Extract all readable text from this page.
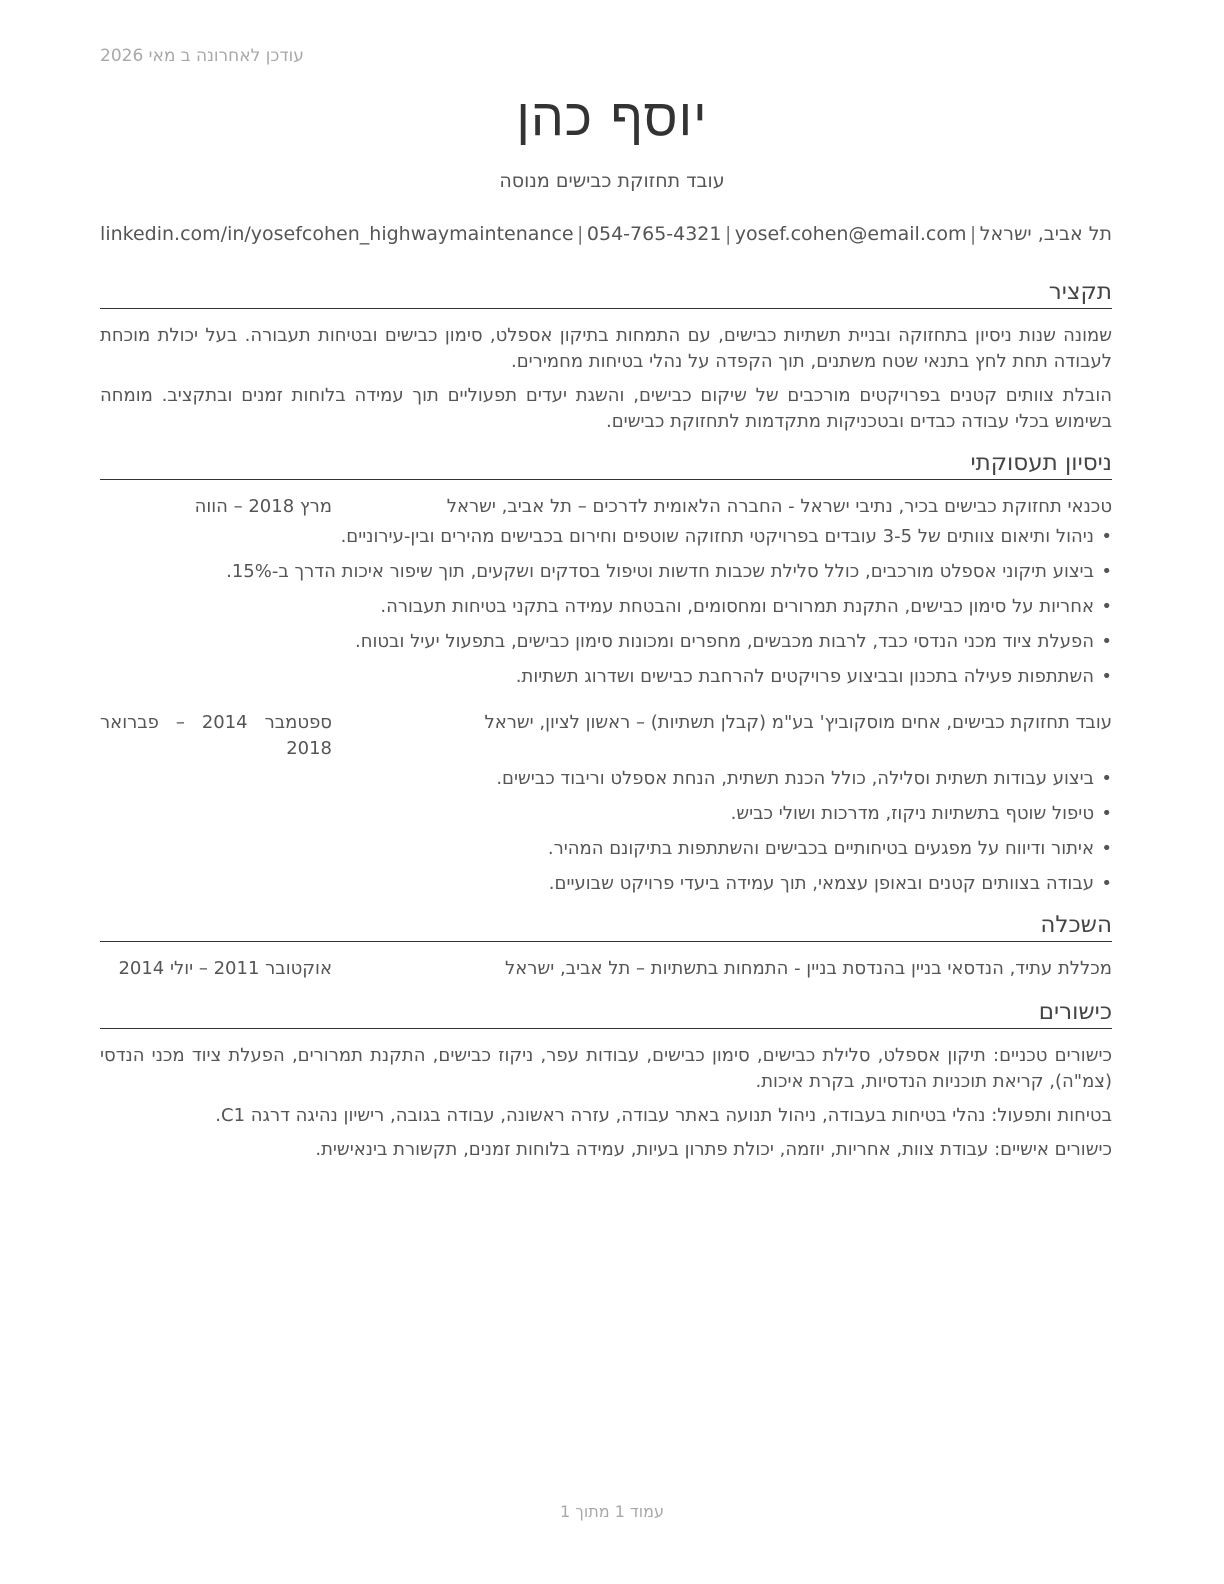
עודכן לאחרונה ב מאי 2026
יוסף כהן
עובד תחזוקת כבישים מנוסה
תל אביב, ישראל
|
yosef.cohen@email.com
|
054-765-4321
|
linkedin.com/in/yosefcohen_highwaymaintenance
תקציר

שמונה שנות ניסיון בתחזוקה ובניית תשתיות כבישים, עם התמחות בתיקון אספלט, סימון כבישים ובטיחות תעבורה. בעל יכולת מוכחת לעבודה תחת לחץ בתנאי שטח משתנים, תוך הקפדה על נהלי בטיחות מחמירים.

הובלת צוותים קטנים בפרויקטים מורכבים של שיקום כבישים, והשגת יעדים תפעוליים תוך עמידה בלוחות זמנים ובתקציב. מומחה בשימוש בכלי עבודה כבדים ובטכניקות מתקדמות לתחזוקת כבישים.

ניסיון תעסוקתי
טכנאי תחזוקת כבישים בכיר, נתיבי ישראל - החברה הלאומית לדרכים – תל אביב, ישראל
מרץ 2018 – הווה
• ניהול ותיאום צוותים של 3-5 עובדים בפרויקטי תחזוקה שוטפים וחירום בכבישים מהירים ובין-עירוניים.
• ביצוע תיקוני אספלט מורכבים, כולל סלילת שכבות חדשות וטיפול בסדקים ושקעים, תוך שיפור איכות הדרך ב-15%.
• אחריות על סימון כבישים, התקנת תמרורים ומחסומים, והבטחת עמידה בתקני בטיחות תעבורה.
• הפעלת ציוד מכני הנדסי כבד, לרבות מכבשים, מחפרים ומכונות סימון כבישים, בתפעול יעיל ובטוח.
• השתתפות פעילה בתכנון ובביצוע פרויקטים להרחבת כבישים ושדרוג תשתיות.
עובד תחזוקת כבישים, אחים מוסקוביץ' בע"מ (קבלן תשתיות) – ראשון לציון, ישראל
ספטמבר 2014 – פברואר 2018
• ביצוע עבודות תשתית וסלילה, כולל הכנת תשתית, הנחת אספלט וריבוד כבישים.
• טיפול שוטף בתשתיות ניקוז, מדרכות ושולי כביש.
• איתור ודיווח על מפגעים בטיחותיים בכבישים והשתתפות בתיקונם המהיר.
• עבודה בצוותים קטנים ובאופן עצמאי, תוך עמידה ביעדי פרויקט שבועיים.
השכלה
מכללת עתיד, הנדסאי בניין בהנדסת בניין - התמחות בתשתיות – תל אביב, ישראל
אוקטובר 2011 – יולי 2014
כישורים

כישורים טכניים: תיקון אספלט, סלילת כבישים, סימון כבישים, עבודות עפר, ניקוז כבישים, התקנת תמרורים, הפעלת ציוד מכני הנדסי (צמ"ה), קריאת תוכניות הנדסיות, בקרת איכות.

בטיחות ותפעול: נהלי בטיחות בעבודה, ניהול תנועה באתר עבודה, עזרה ראשונה, עבודה בגובה, רישיון נהיגה דרגה C1.

כישורים אישיים: עבודת צוות, אחריות, יוזמה, יכולת פתרון בעיות, עמידה בלוחות זמנים, תקשורת בינאישית.

עמוד 1 מתוך 1
